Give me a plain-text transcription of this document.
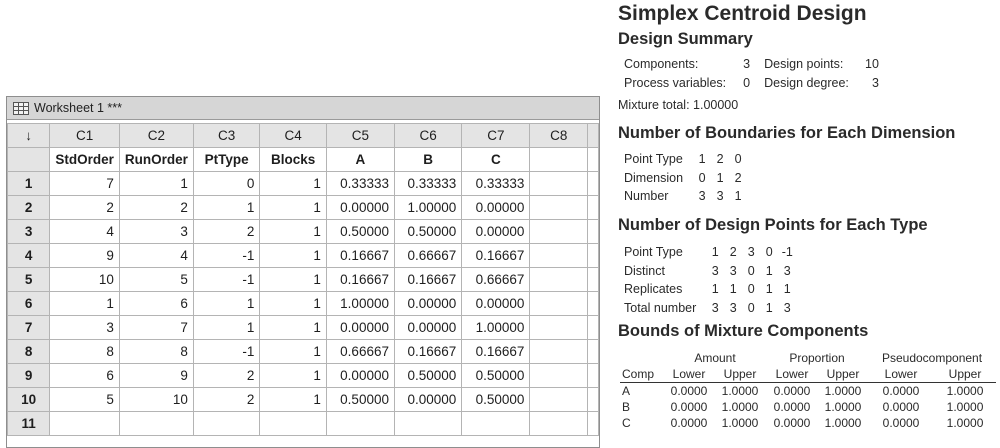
Worksheet 1 ***
↓	C1	C2	C3	C4	C5	C6	C7	C8	
	StdOrder	RunOrder	PtType	Blocks	A	B	C		
1	7	1	0	1	0.33333	0.33333	0.33333		
2	2	2	1	1	0.00000	1.00000	0.00000		
3	4	3	2	1	0.50000	0.50000	0.00000		
4	9	4	-1	1	0.16667	0.66667	0.16667		
5	10	5	-1	1	0.16667	0.16667	0.66667		
6	1	6	1	1	1.00000	0.00000	0.00000		
7	3	7	1	1	0.00000	0.00000	1.00000		
8	8	8	-1	1	0.66667	0.16667	0.16667		
9	6	9	2	1	0.00000	0.50000	0.50000		
10	5	10	2	1	0.50000	0.00000	0.50000		
11									
Simplex Centroid Design
Design Summary
Components:	3	Design points:	10
Process variables:	0	Design degree:	3
Mixture total: 1.00000
Number of Boundaries for Each Dimension
Point Type	1	2	0
Dimension	0	1	2
Number	3	3	1
Number of Design Points for Each Type
Point Type	1	2	3	0	-1
Distinct	3	3	0	1	3
Replicates	1	1	0	1	1
Total number	3	3	0	1	3
Bounds of Mixture Components
	Amount		Proportion		Pseudocomponent	
Comp	Lower	Upper	Lower	Upper	Lower	Upper
A	0.0000	1.0000	0.0000	1.0000	0.0000	1.0000
B	0.0000	1.0000	0.0000	1.0000	0.0000	1.0000
C	0.0000	1.0000	0.0000	1.0000	0.0000	1.0000
